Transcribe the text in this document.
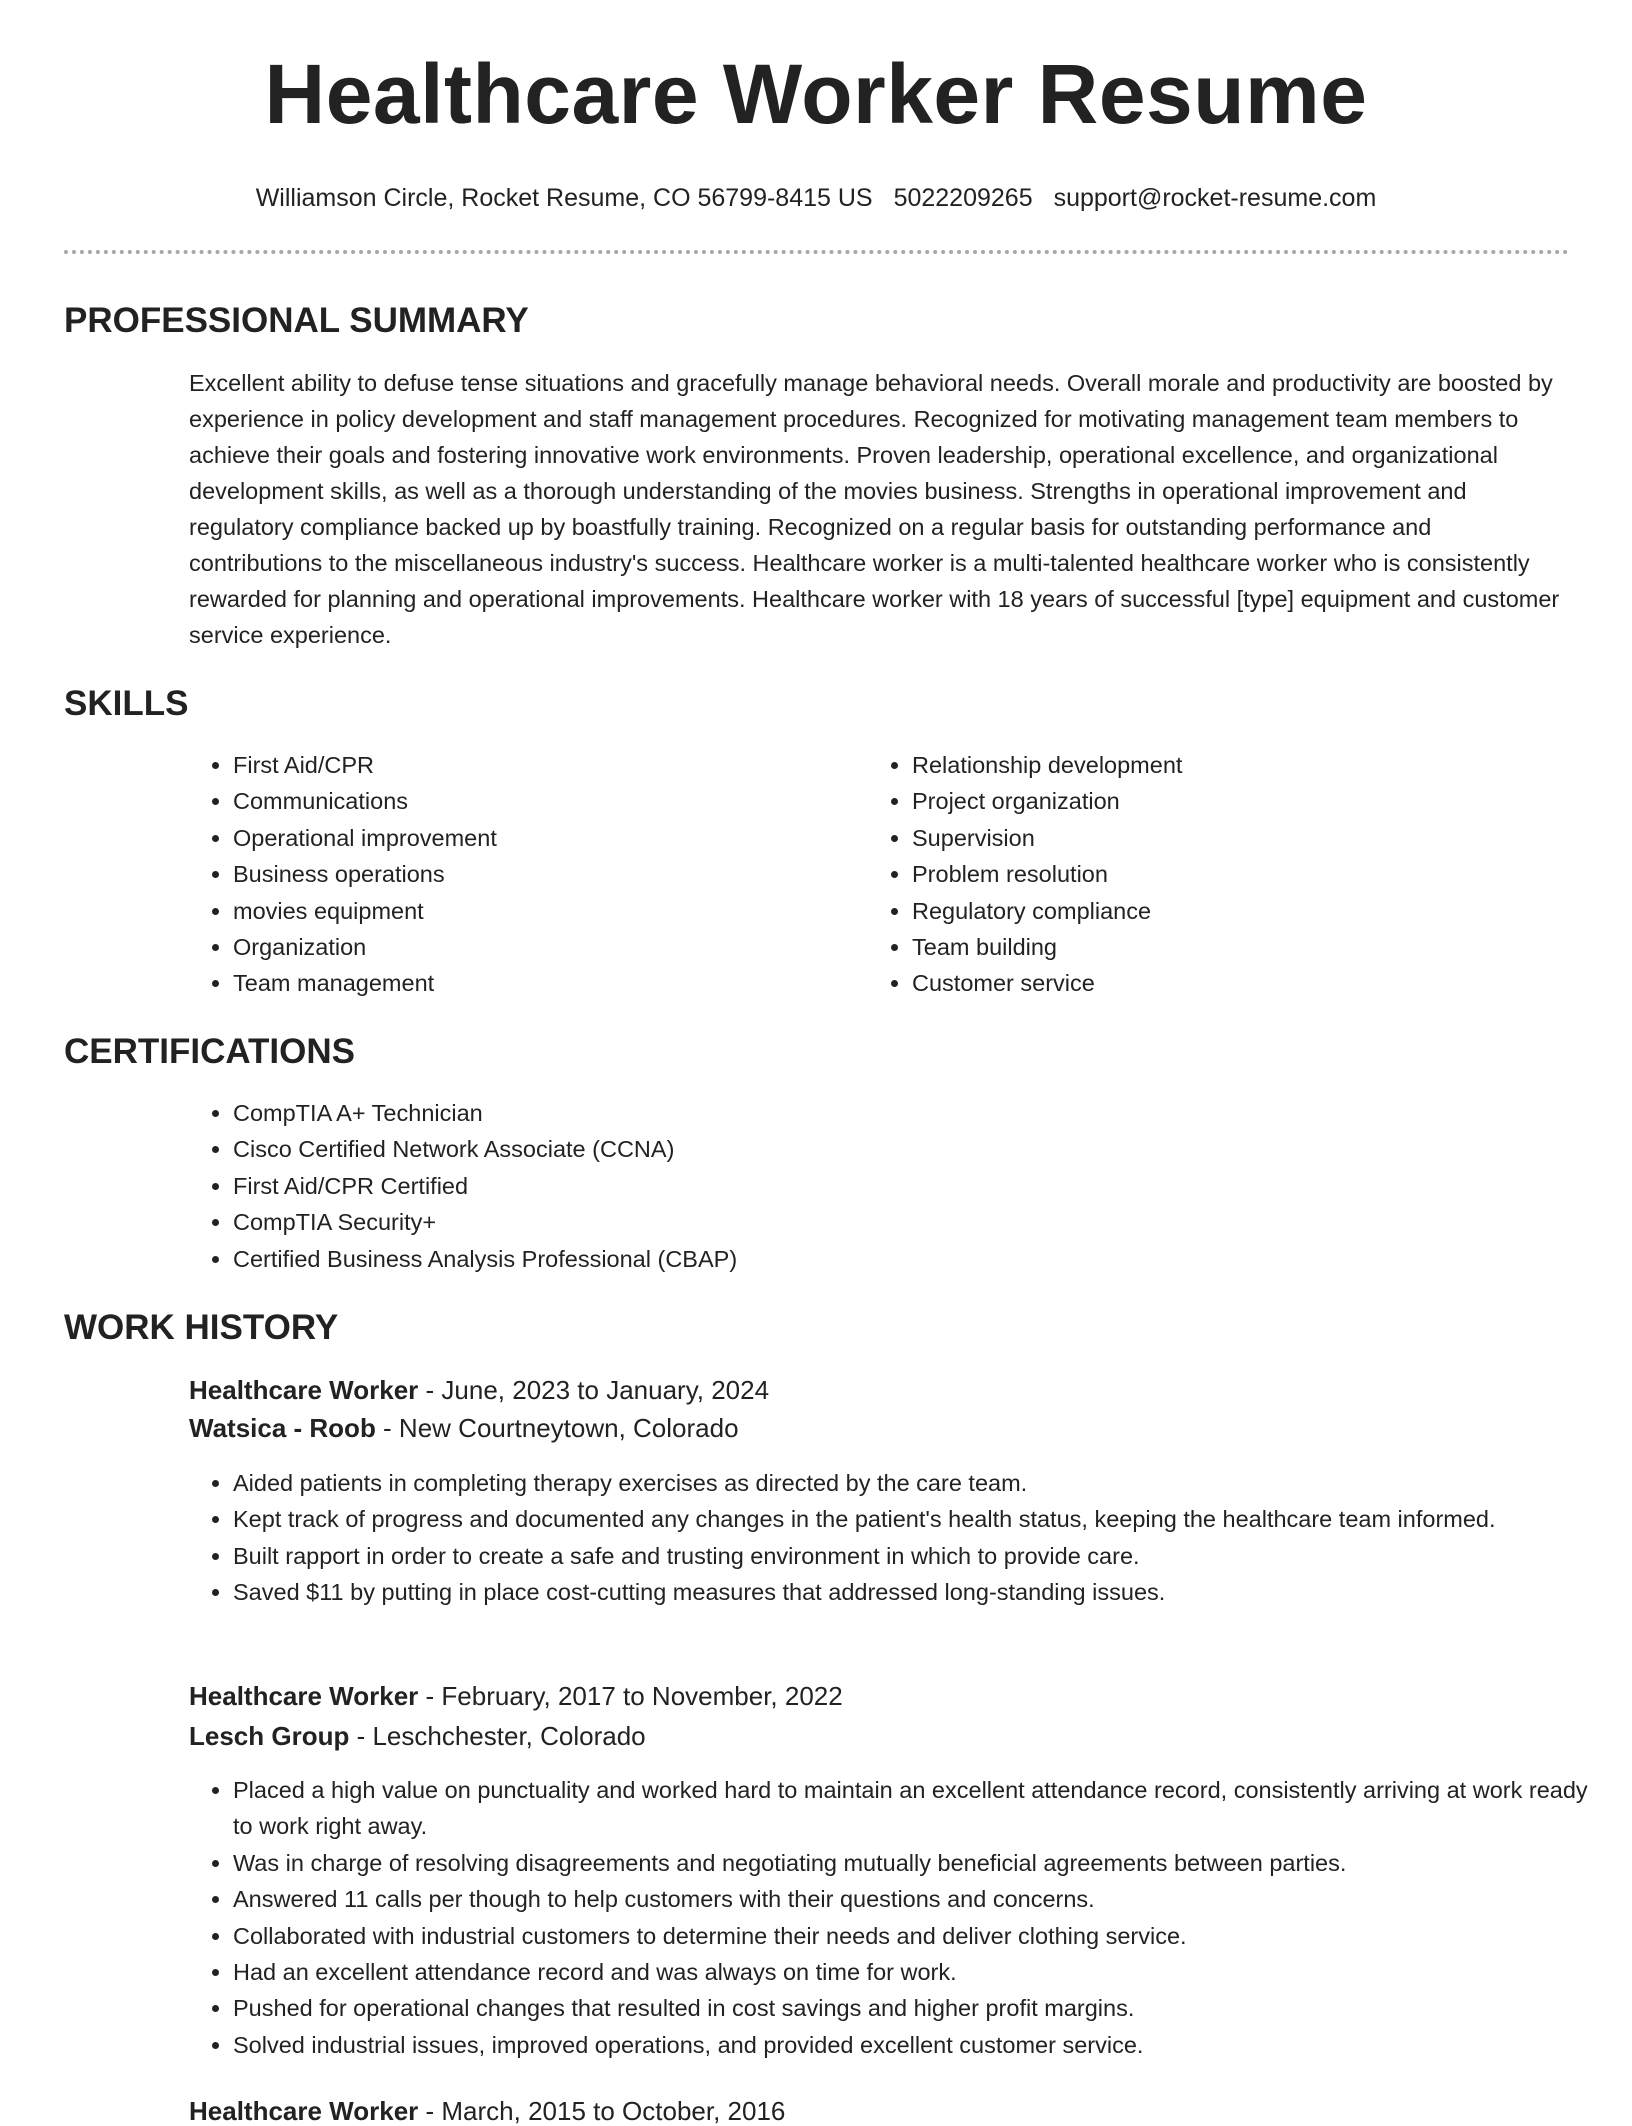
Healthcare Worker Resume
Williamson Circle, Rocket Resume, CO 56799-8415 US 5022209265 support@rocket-resume.com
PROFESSIONAL SUMMARY

Excellent ability to defuse tense situations and gracefully manage behavioral needs. Overall morale and productivity are boosted by experience in policy development and staff management procedures. Recognized for motivating management team members to achieve their goals and fostering innovative work environments. Proven leadership, operational excellence, and organizational development skills, as well as a thorough understanding of the movies business. Strengths in operational improvement and regulatory compliance backed up by boastfully training. Recognized on a regular basis for outstanding performance and contributions to the miscellaneous industry's success. Healthcare worker is a multi-talented healthcare worker who is consistently rewarded for planning and operational improvements. Healthcare worker with 18 years of successful [type] equipment and customer service experience.

SKILLS
• First Aid/CPR
• Communications
• Operational improvement
• Business operations
• movies equipment
• Organization
• Team management
• Relationship development
• Project organization
• Supervision
• Problem resolution
• Regulatory compliance
• Team building
• Customer service
CERTIFICATIONS
• CompTIA A+ Technician
• Cisco Certified Network Associate (CCNA)
• First Aid/CPR Certified
• CompTIA Security+
• Certified Business Analysis Professional (CBAP)
WORK HISTORY
Healthcare Worker - June, 2023 to January, 2024
Watsica - Roob - New Courtneytown, Colorado
• Aided patients in completing therapy exercises as directed by the care team.
• Kept track of progress and documented any changes in the patient's health status, keeping the healthcare team informed.
• Built rapport in order to create a safe and trusting environment in which to provide care.
• Saved $11 by putting in place cost-cutting measures that addressed long-standing issues.
Healthcare Worker - February, 2017 to November, 2022
Lesch Group - Leschchester, Colorado
• Placed a high value on punctuality and worked hard to maintain an excellent attendance record, consistently arriving at work ready to work right away.
• Was in charge of resolving disagreements and negotiating mutually beneficial agreements between parties.
• Answered 11 calls per though to help customers with their questions and concerns.
• Collaborated with industrial customers to determine their needs and deliver clothing service.
• Had an excellent attendance record and was always on time for work.
• Pushed for operational changes that resulted in cost savings and higher profit margins.
• Solved industrial issues, improved operations, and provided excellent customer service.
Healthcare Worker - March, 2015 to October, 2016
